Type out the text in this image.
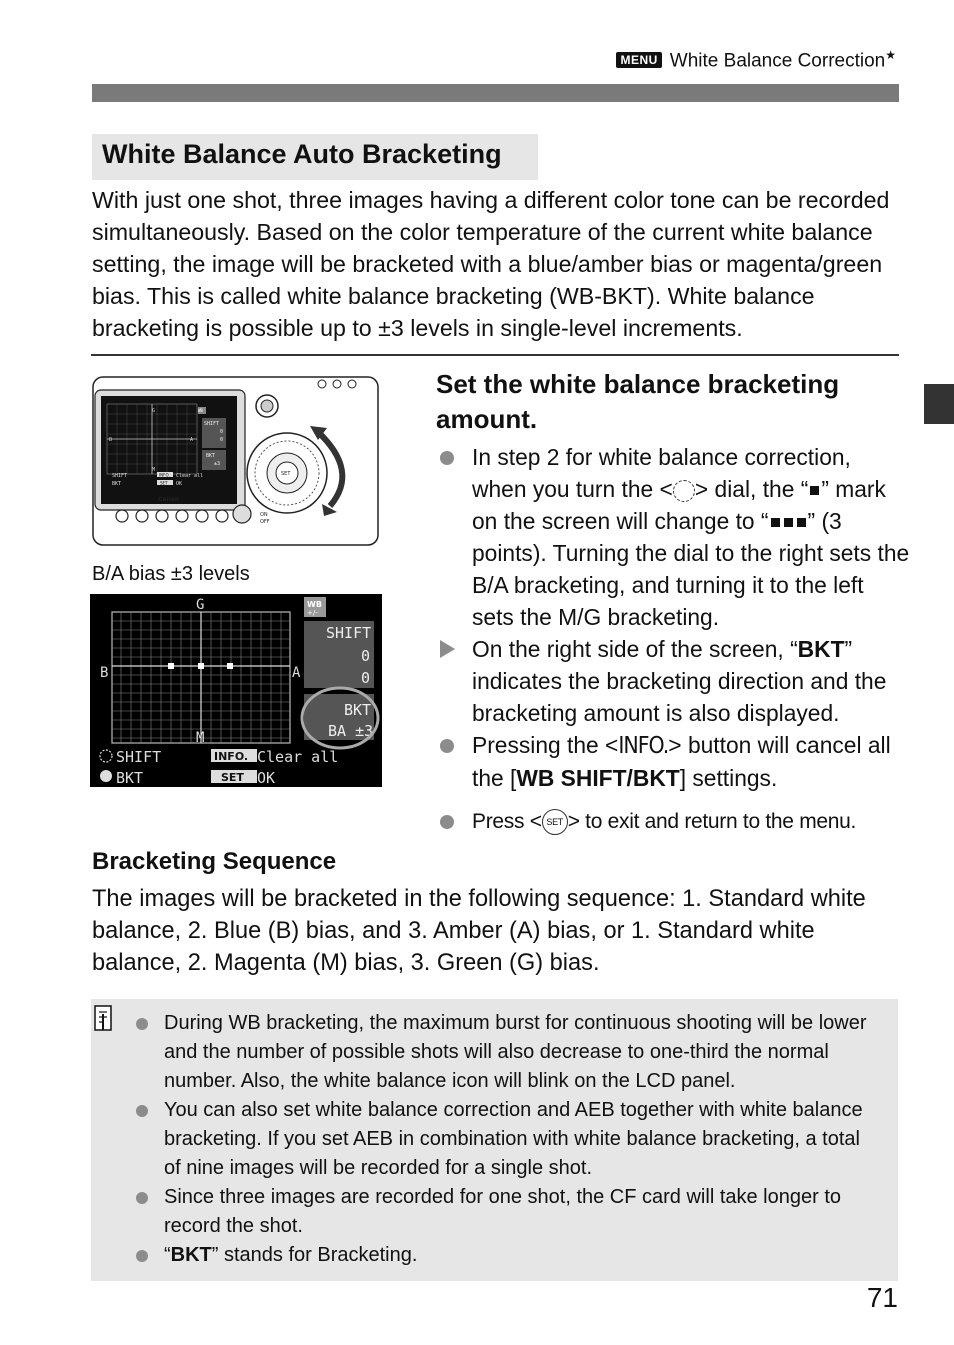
MENU White Balance Correction★
White Balance Auto Bracketing
With just one shot, three images having a different color tone can be recorded simultaneously. Based on the color temperature of the current white balance setting, the image will be bracketed with a blue/amber bias or magenta/green bias. This is called white balance bracketing (WB-BKT). White balance bracketing is possible up to ±3 levels in single-level increments.
G
B	A
M
WB
SHIFT
0
0
BKT
±3
SHIFT	INFO. Clear all
BKT	SET OK
Canon
ON
OFF
SET
B/A bias ±3 levels
G
B	A
M
WB
+/-
SHIFT
0
0
BKT
BA ±3
SHIFT	INFO. Clear all
BKT	SET OK
Set the white balance bracketing amount.
In step 2 for white balance correction, when you turn the < > dial, the “ ” mark on the screen will change to “ ” (3 points). Turning the dial to the right sets the B/A bracketing, and turning it to the left sets the M/G bracketing.
On the right side of the screen, “BKT” indicates the bracketing direction and the bracketing amount is also displayed.
Pressing the <INFO.> button will cancel all the [WB SHIFT/BKT] settings.
Press < SET > to exit and return to the menu.
Bracketing Sequence
The images will be bracketed in the following sequence: 1. Standard white balance, 2. Blue (B) bias, and 3. Amber (A) bias, or 1. Standard white balance, 2. Magenta (M) bias, 3. Green (G) bias.
During WB bracketing, the maximum burst for continuous shooting will be lower and the number of possible shots will also decrease to one-third the normal number. Also, the white balance icon will blink on the LCD panel.
You can also set white balance correction and AEB together with white balance bracketing. If you set AEB in combination with white balance bracketing, a total of nine images will be recorded for a single shot.
Since three images are recorded for one shot, the CF card will take longer to record the shot.
“BKT” stands for Bracketing.
71
